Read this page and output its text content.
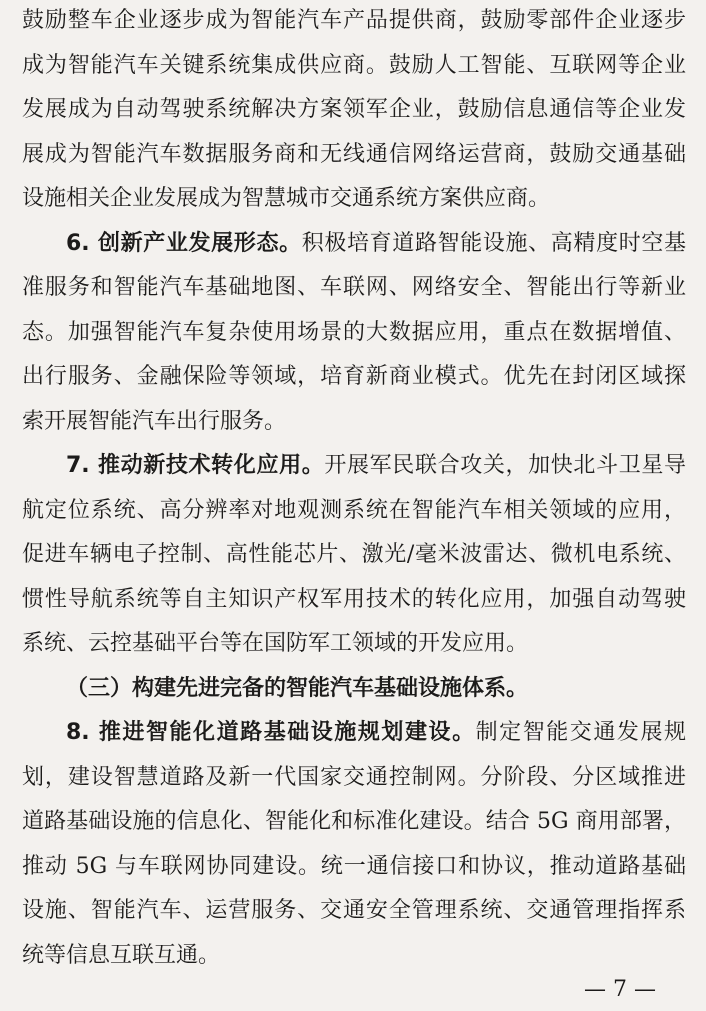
鼓励整车企业逐步成为智能汽车产品提供商，鼓励零部件企业逐步
成为智能汽车关键系统集成供应商。鼓励人工智能、互联网等企业
发展成为自动驾驶系统解决方案领军企业，鼓励信息通信等企业发
展成为智能汽车数据服务商和无线通信网络运营商，鼓励交通基础
设施相关企业发展成为智慧城市交通系统方案供应商。
6. 创新产业发展形态。积极培育道路智能设施、高精度时空基
准服务和智能汽车基础地图、车联网、网络安全、智能出行等新业
态。加强智能汽车复杂使用场景的大数据应用，重点在数据增值、
出行服务、金融保险等领域，培育新商业模式。优先在封闭区域探
索开展智能汽车出行服务。
7. 推动新技术转化应用。开展军民联合攻关，加快北斗卫星导
航定位系统、高分辨率对地观测系统在智能汽车相关领域的应用，
促进车辆电子控制、高性能芯片、激光/毫米波雷达、微机电系统、
惯性导航系统等自主知识产权军用技术的转化应用，加强自动驾驶
系统、云控基础平台等在国防军工领域的开发应用。
（三）构建先进完备的智能汽车基础设施体系。
8. 推进智能化道路基础设施规划建设。制定智能交通发展规
划，建设智慧道路及新一代国家交通控制网。分阶段、分区域推进
道路基础设施的信息化、智能化和标准化建设。结合 5G 商用部署，
推动 5G 与车联网协同建设。统一通信接口和协议，推动道路基础
设施、智能汽车、运营服务、交通安全管理系统、交通管理指挥系
统等信息互联互通。
— 7 —
